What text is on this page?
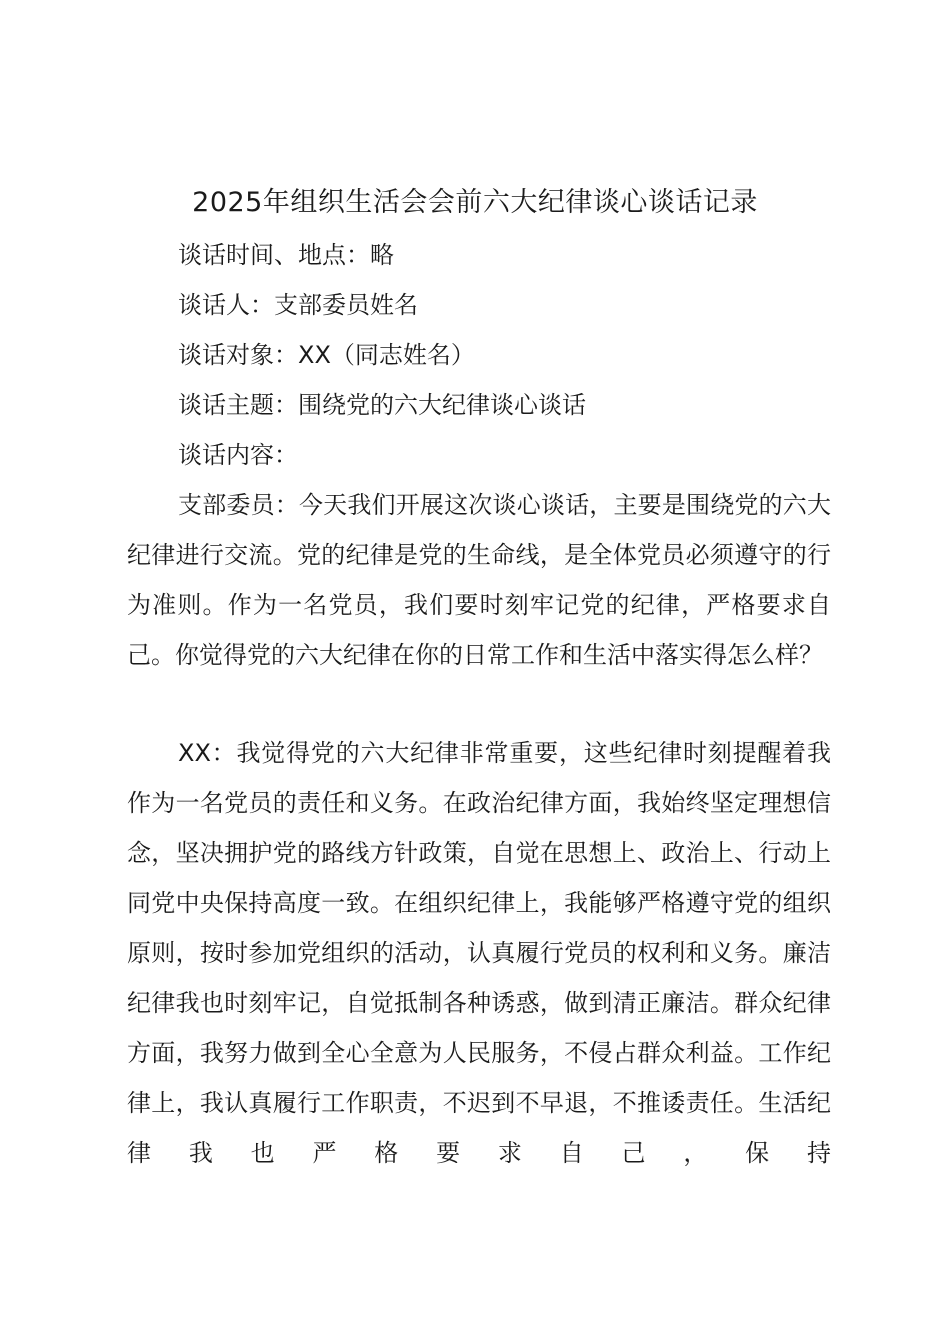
2025年组织生活会会前六大纪律谈心谈话记录
谈话时间、地点：略
谈话人：支部委员姓名
谈话对象：XX（同志姓名）
谈话主题：围绕党的六大纪律谈心谈话
谈话内容：

支部委员：今天我们开展这次谈心谈话，主要是围绕党的六大纪律进行交流。党的纪律是党的生命线，是全体党员必须遵守的行为准则。作为一名党员，我们要时刻牢记党的纪律，严格要求自己。你觉得党的六大纪律在你的日常工作和生活中落实得怎么样？

XX：我觉得党的六大纪律非常重要，这些纪律时刻提醒着我作为一名党员的责任和义务。在政治纪律方面，我始终坚定理想信念，坚决拥护党的路线方针政策，自觉在思想上、政治上、行动上同党中央保持高度一致。在组织纪律上，我能够严格遵守党的组织原则，按时参加党组织的活动，认真履行党员的权利和义务。廉洁纪律我也时刻牢记，自觉抵制各种诱惑，做到清正廉洁。群众纪律方面，我努力做到全心全意为人民服务，不侵占群众利益。工作纪律上，我认真履行工作职责，不迟到不早退，不推诿责任。生活纪律我也严格要求自己，保持
